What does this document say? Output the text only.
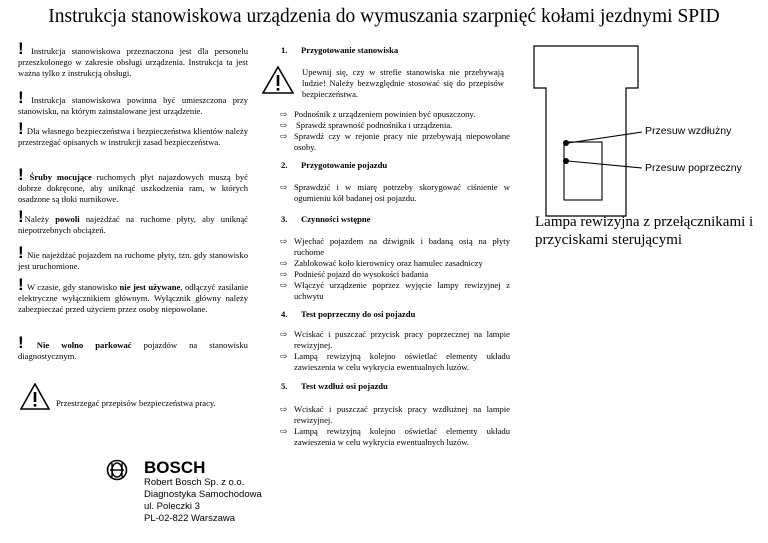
Instrukcja stanowiskowa urządzenia do wymuszania szarpnięć kołami jezdnymi SPID
! Instrukcja stanowiskowa przeznaczona jest dla personelu przeszkolonego w zakresie obsługi urządzenia. Instrukcja ta jest ważna tylko z instrukcją obsługi.
! Instrukcja stanowiskowa powinna być umieszczona przy stanowisku, na którym zainstalowane jest urządzenie.
! Dla własnego bezpieczeństwa i bezpieczeństwa klientów należy przestrzegać opisanych w instrukcji zasad bezpieczeństwa.
! Śruby mocujące ruchomych płyt najazdowych muszą być dobrze dokręcone, aby uniknąć uszkodzenia ram, w których osadzone są tłoki nurnikowe.
!Należy powoli najeżdżać na ruchome płyty, aby uniknąć niepotrzebnych obciążeń.
! Nie najeżdżać pojazdem na ruchome płyty, tzn. gdy stanowisko jest uruchomione.
! W czasie, gdy stanowisko nie jest używane, odłączyć zasilanie elektryczne wyłącznikiem głównym. Wyłącznik główny należy zabezpieczać przed użyciem przez osoby niepowołane.
! Nie wolno parkować pojazdów na stanowisku diagnostycznym.
Przestrzegać przepisów bezpieczeństwa pracy.
BOSCH
Robert Bosch Sp. z o.o.
Diagnostyka Samochodowa
ul. Poleczki 3
PL-02-822 Warszawa
1. Przygotowanie stanowiska
Upewnij się, czy w strefie stanowiska nie przebywają ludzie! Należy bezwzględnie stosować się do przepisów bezpieczeństwa.
⇨ Podnośnik z urządzeniem powinien być opuszczony.
⇨ Sprawdź sprawność podnośnika i urządzenia.
⇨ Sprawdź czy w rejonie pracy nie przebywają niepowołane osoby.
2. Przygotowanie pojazdu
⇨ Sprawdzić i w miarę potrzeby skorygować ciśnienie w ogumieniu kół badanej osi pojazdu.
3. Czynności wstępne
⇨ Wjechać pojazdem na dźwignik i badaną osią na płyty ruchome
⇨ Zablokować koło kierownicy oraz hamulec zasadniczy
⇨ Podnieść pojazd do wysokości badania
⇨ Włączyć urządzenie poprzez wyjęcie lampy rewizyjnej z uchwytu
4. Test poprzeczny do osi pojazdu
⇨ Wciskać i puszczać przycisk pracy poprzecznej na lampie rewizyjnej.
⇨ Lampą rewizyjną kolejno oświetlać elementy układu zawieszenia w celu wykrycia ewentualnych luzów.
5. Test wzdłuż osi pojazdu
⇨ Wciskać i puszczać przycisk pracy wzdłużnej na lampie rewizyjnej.
⇨ Lampą rewizyjną kolejno oświetlać elementy układu zawieszenia w celu wykrycia ewentualnych luzów.
Przesuw wzdłużny
Przesuw poprzeczny
Lampa rewizyjna z przełącznikami i przyciskami sterującymi
